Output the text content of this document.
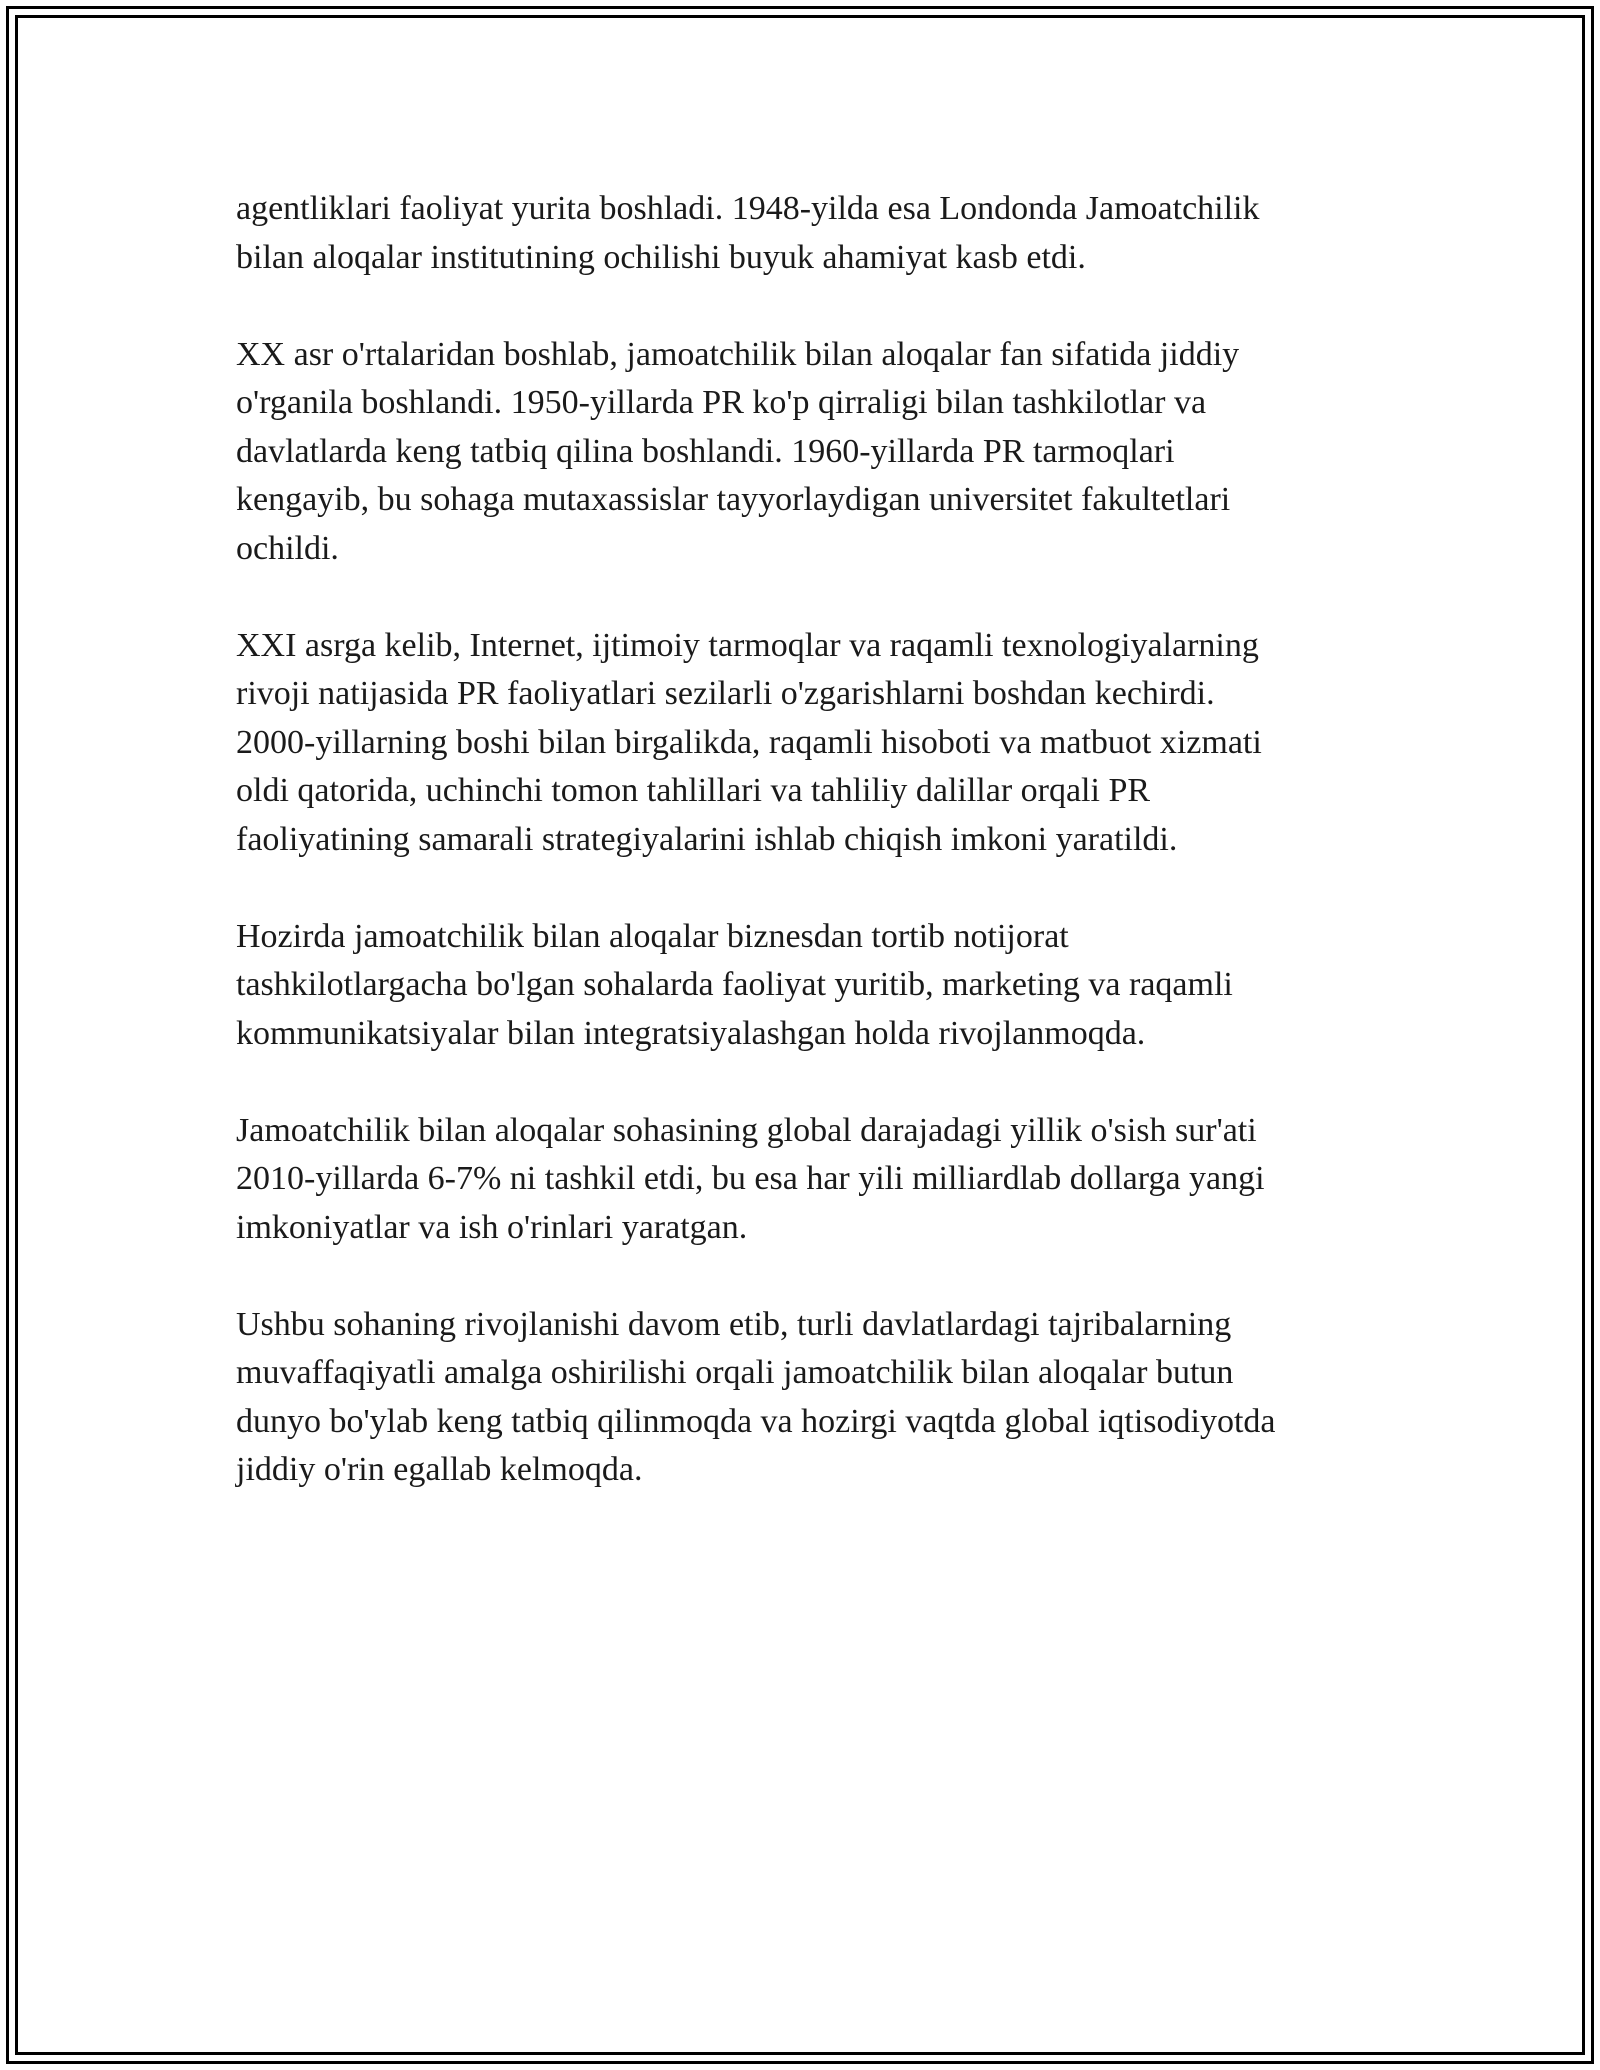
agentliklari faoliyat yurita boshladi. 1948-yilda esa Londonda Jamoatchilik
bilan aloqalar institutining ochilishi buyuk ahamiyat kasb etdi.

XX asr o'rtalaridan boshlab, jamoatchilik bilan aloqalar fan sifatida jiddiy
o'rganila boshlandi. 1950-yillarda PR ko'p qirraligi bilan tashkilotlar va
davlatlarda keng tatbiq qilina boshlandi. 1960-yillarda PR tarmoqlari
kengayib, bu sohaga mutaxassislar tayyorlaydigan universitet fakultetlari
ochildi.

XXI asrga kelib, Internet, ijtimoiy tarmoqlar va raqamli texnologiyalarning
rivoji natijasida PR faoliyatlari sezilarli o'zgarishlarni boshdan kechirdi.
2000-yillarning boshi bilan birgalikda, raqamli hisoboti va matbuot xizmati
oldi qatorida, uchinchi tomon tahlillari va tahliliy dalillar orqali PR
faoliyatining samarali strategiyalarini ishlab chiqish imkoni yaratildi.

Hozirda jamoatchilik bilan aloqalar biznesdan tortib notijorat
tashkilotlargacha bo'lgan sohalarda faoliyat yuritib, marketing va raqamli
kommunikatsiyalar bilan integratsiyalashgan holda rivojlanmoqda.

Jamoatchilik bilan aloqalar sohasining global darajadagi yillik o'sish sur'ati
2010-yillarda 6-7% ni tashkil etdi, bu esa har yili milliardlab dollarga yangi
imkoniyatlar va ish o'rinlari yaratgan.

Ushbu sohaning rivojlanishi davom etib, turli davlatlardagi tajribalarning
muvaffaqiyatli amalga oshirilishi orqali jamoatchilik bilan aloqalar butun
dunyo bo'ylab keng tatbiq qilinmoqda va hozirgi vaqtda global iqtisodiyotda
jiddiy o'rin egallab kelmoqda.
